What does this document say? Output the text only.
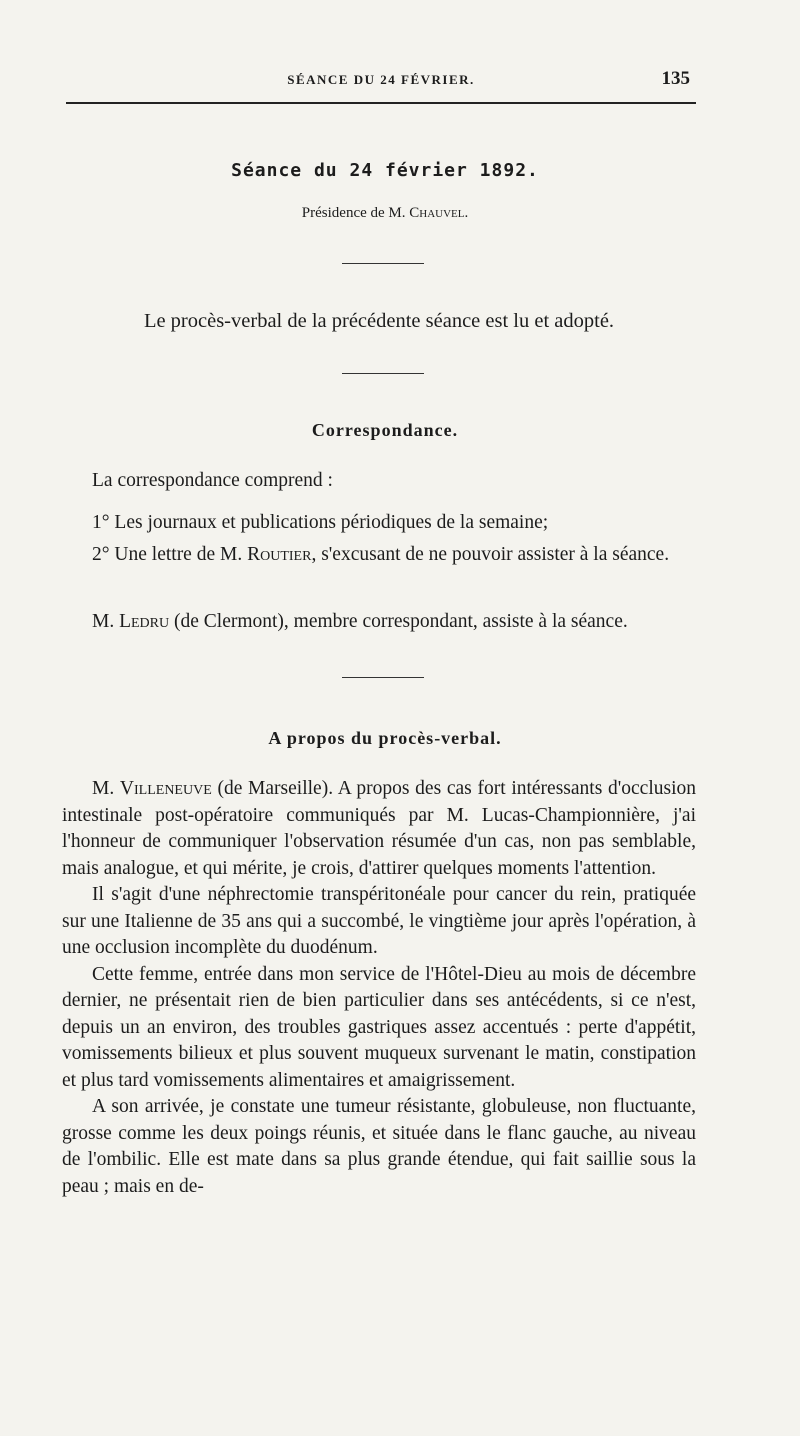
SÉANCE DU 24 FÉVRIER.	135
Séance du 24 février 1892.
Présidence de M. Chauvel.
Le procès-verbal de la précédente séance est lu et adopté.
Correspondance.

La correspondance comprend :

1° Les journaux et publications périodiques de la semaine;

2° Une lettre de M. Routier, s'excusant de ne pouvoir assister à la séance.

M. Ledru (de Clermont), membre correspondant, assiste à la séance.

A propos du procès-verbal.

M. Villeneuve (de Marseille). A propos des cas fort intéressants d'occlusion intestinale post-opératoire communiqués par M. Lucas-Championnière, j'ai l'honneur de communiquer l'observation résumée d'un cas, non pas semblable, mais analogue, et qui mérite, je crois, d'attirer quelques moments l'attention.

Il s'agit d'une néphrectomie transpéritonéale pour cancer du rein, pratiquée sur une Italienne de 35 ans qui a succombé, le vingtième jour après l'opération, à une occlusion incomplète du duodénum.

Cette femme, entrée dans mon service de l'Hôtel-Dieu au mois de décembre dernier, ne présentait rien de bien particulier dans ses antécédents, si ce n'est, depuis un an environ, des troubles gastriques assez accentués : perte d'appétit, vomissements bilieux et plus souvent muqueux survenant le matin, constipation et plus tard vomissements alimentaires et amaigrissement.

A son arrivée, je constate une tumeur résistante, globuleuse, non fluctuante, grosse comme les deux poings réunis, et située dans le flanc gauche, au niveau de l'ombilic. Elle est mate dans sa plus grande étendue, qui fait saillie sous la peau ; mais en de-
